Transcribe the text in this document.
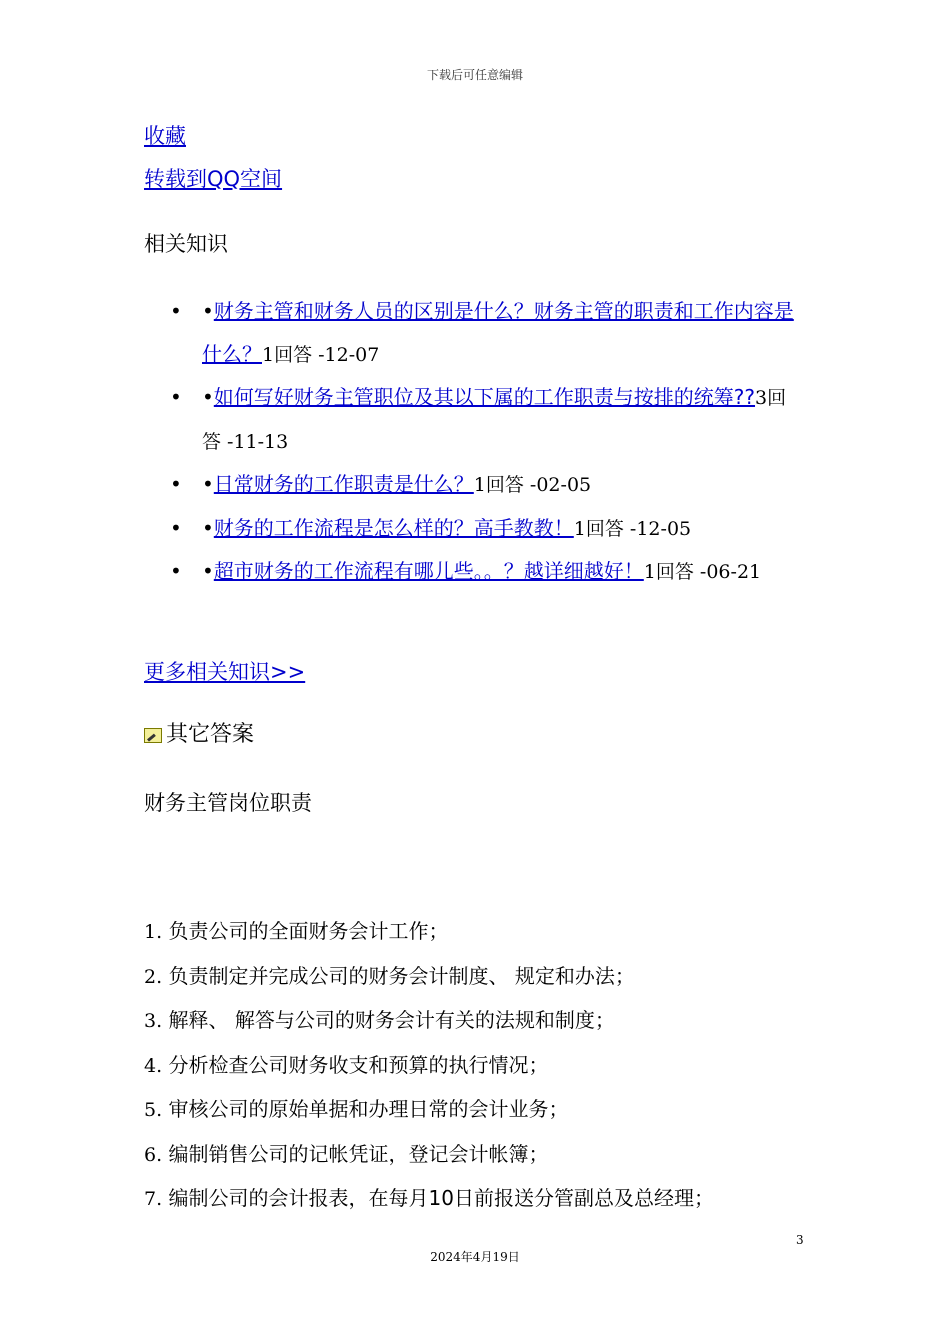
下载后可任意编辑
收藏
转载到QQ空间
相关知识
• •财务主管和财务人员的区别是什么？财务主管的职责和工作内容是什么？1回答 -12-07
• •如何写好财务主管职位及其以下属的工作职责与按排的统筹??3回答 -11-13
• •日常财务的工作职责是什么？1回答 -02-05
• •财务的工作流程是怎么样的？高手教教！1回答 -12-05
• •超市财务的工作流程有哪儿些。。？越详细越好！1回答 -06-21
更多相关知识>>
其它答案
财务主管岗位职责
1. 负责公司的全面财务会计工作；
2. 负责制定并完成公司的财务会计制度、 规定和办法；
3. 解释、 解答与公司的财务会计有关的法规和制度；
4. 分析检查公司财务收支和预算的执行情况；
5. 审核公司的原始单据和办理日常的会计业务；
6. 编制销售公司的记帐凭证，登记会计帐簿；
7. 编制公司的会计报表，在每月10日前报送分管副总及总经理；
3
2024年4月19日
